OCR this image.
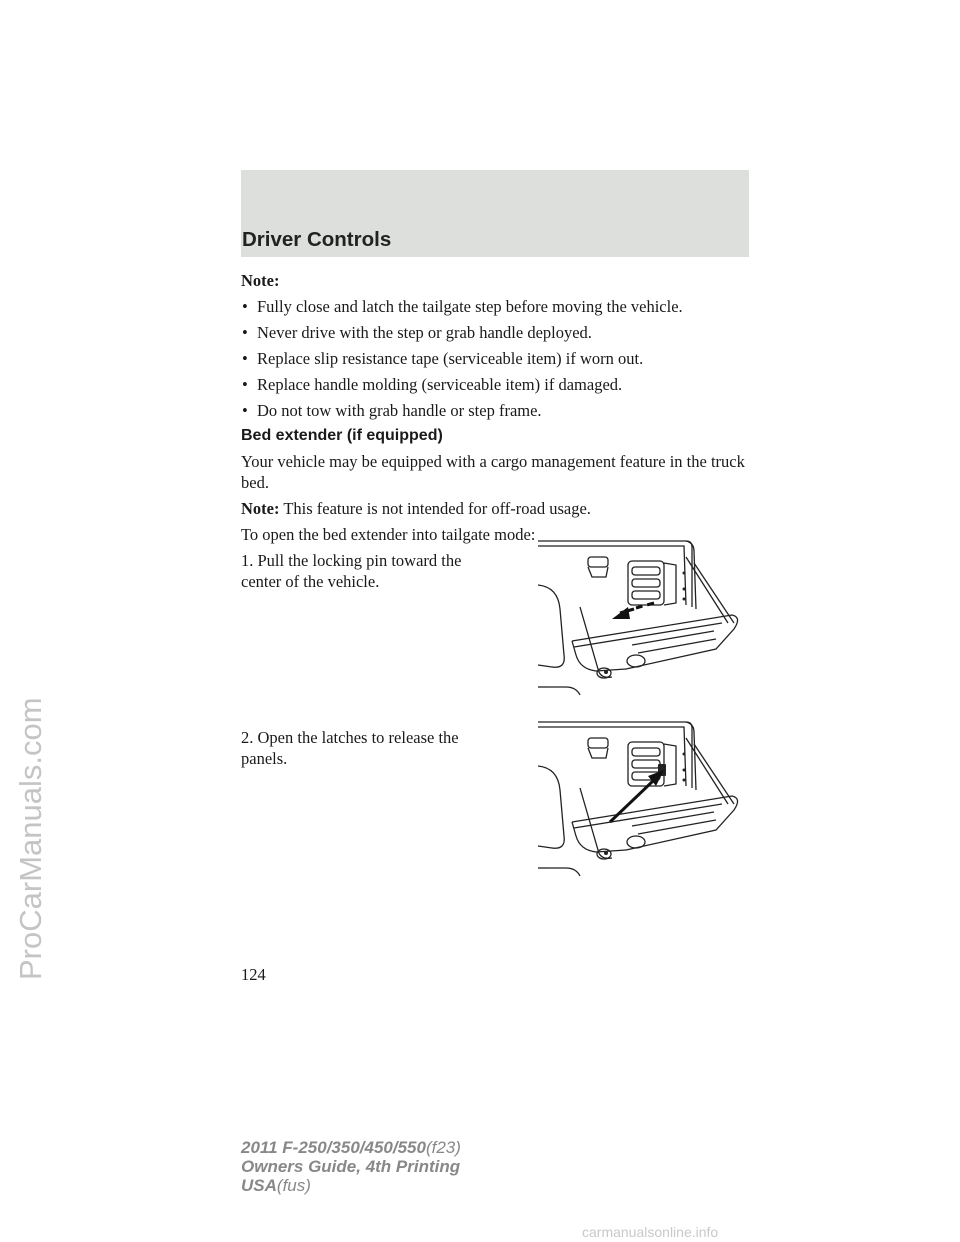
Driver Controls
Note:
• Fully close and latch the tailgate step before moving the vehicle.
• Never drive with the step or grab handle deployed.
• Replace slip resistance tape (serviceable item) if worn out.
• Replace handle molding (serviceable item) if damaged.
• Do not tow with grab handle or step frame.
Bed extender (if equipped)
Your vehicle may be equipped with a cargo management feature in the truck bed.
Note: This feature is not intended for off-road usage.
To open the bed extender into tailgate mode:
1. Pull the locking pin toward the center of the vehicle.
2. Open the latches to release the panels.
124
2011 F-250/350/450/550(f23)
Owners Guide, 4th Printing
USA(fus)
ProCarManuals.com
carmanualsonline.info
